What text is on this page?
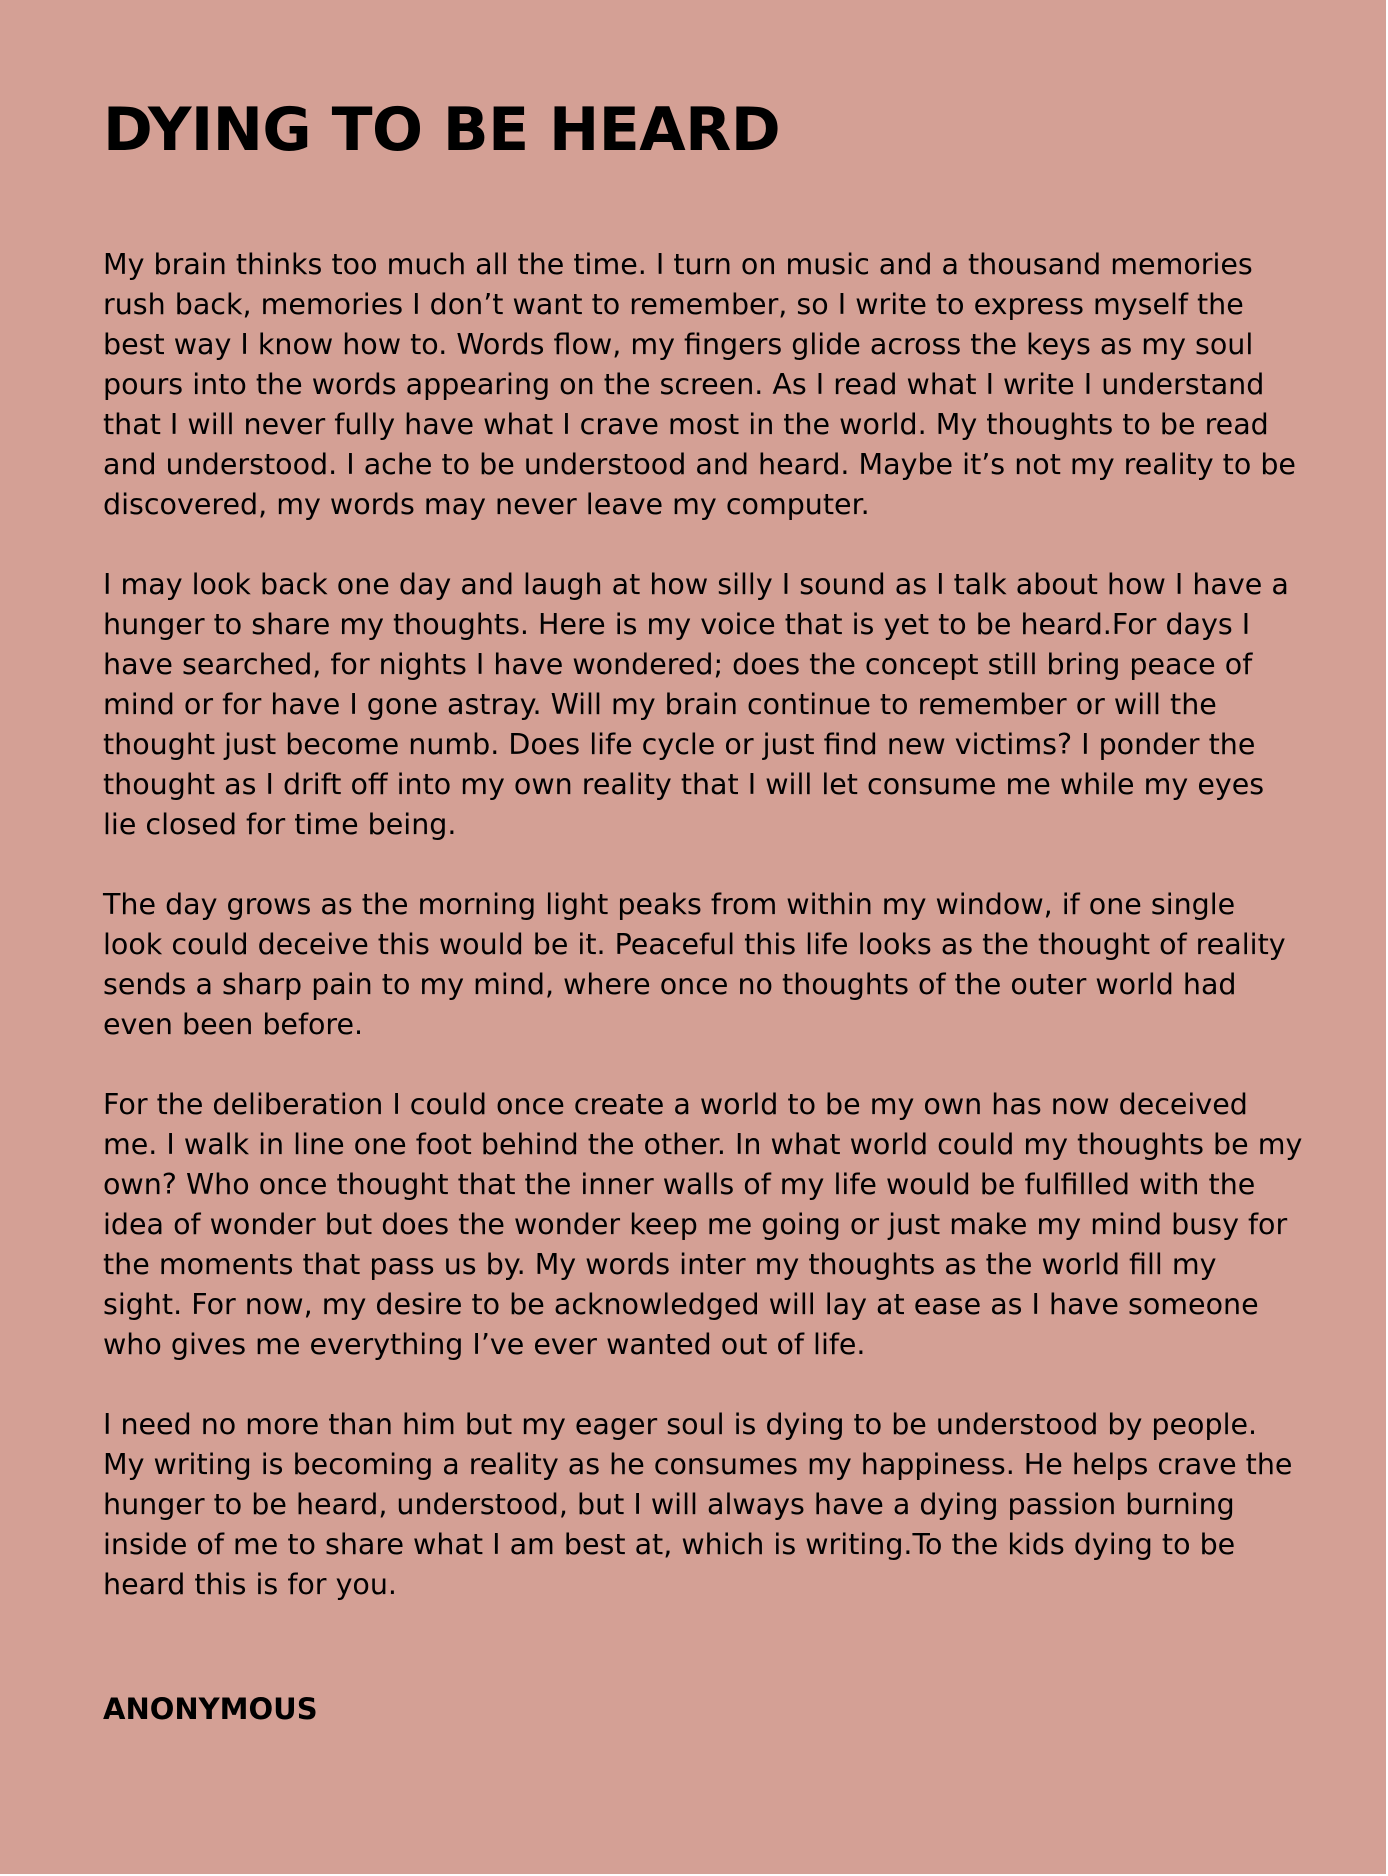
DYING TO BE HEARD

My brain thinks too much all the time. I turn on music and a thousand memories rush back, memories I don’t want to remember, so I write to express myself the best way I know how to. Words flow, my fingers glide across the keys as my soul pours into the words appearing on the screen. As I read what I write I understand that I will never fully have what I crave most in the world. My thoughts to be read and understood. I ache to be understood and heard. Maybe it’s not my reality to be discovered, my words may never leave my computer.

I may look back one day and laugh at how silly I sound as I talk about how I have a hunger to share my thoughts. Here is my voice that is yet to be heard.For days I have searched, for nights I have wondered; does the concept still bring peace of mind or for have I gone astray. Will my brain continue to remember or will the thought just become numb. Does life cycle or just find new victims? I ponder the thought as I drift off into my own reality that I will let consume me while my eyes lie closed for time being.

The day grows as the morning light peaks from within my window, if one single look could deceive this would be it. Peaceful this life looks as the thought of reality sends a sharp pain to my mind, where once no thoughts of the outer world had even been before.

For the deliberation I could once create a world to be my own has now deceived me. I walk in line one foot behind the other. In what world could my thoughts be my own? Who once thought that the inner walls of my life would be fulfilled with the idea of wonder but does the wonder keep me going or just make my mind busy for the moments that pass us by. My words inter my thoughts as the world fill my sight. For now, my desire to be acknowledged will lay at ease as I have someone who gives me everything I’ve ever wanted out of life.

I need no more than him but my eager soul is dying to be understood by people. My writing is becoming a reality as he consumes my happiness. He helps crave the hunger to be heard, understood, but I will always have a dying passion burning inside of me to share what I am best at, which is writing.To the kids dying to be heard this is for you.

ANONYMOUS
